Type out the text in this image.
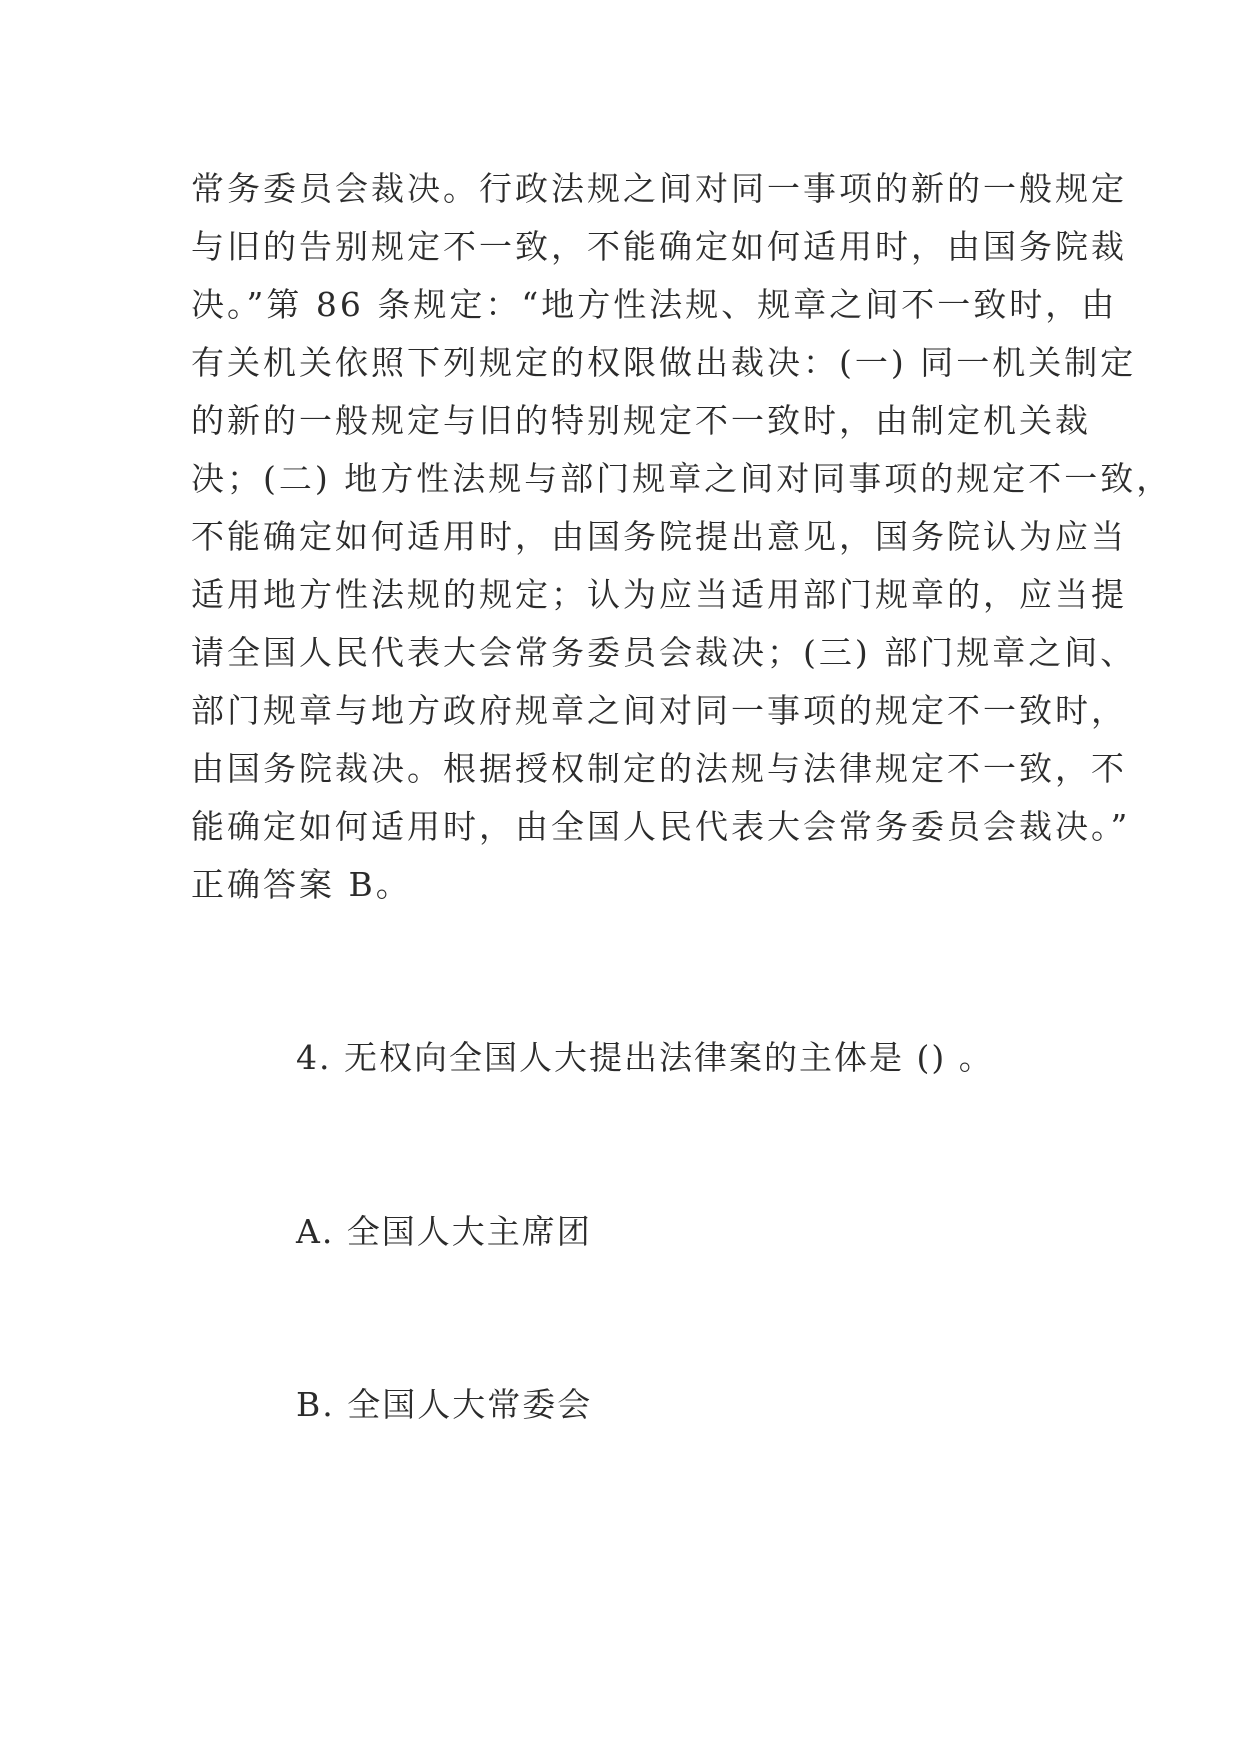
常务委员会裁决。行政法规之间对同一事项的新的一般规定
与旧的告别规定不一致，不能确定如何适用时，由国务院裁
决。”第 86 条规定：“地方性法规、规章之间不一致时，由
有关机关依照下列规定的权限做出裁决：(一) 同一机关制定
的新的一般规定与旧的特别规定不一致时，由制定机关裁
决；(二) 地方性法规与部门规章之间对同事项的规定不一致，
不能确定如何适用时，由国务院提出意见，国务院认为应当
适用地方性法规的规定；认为应当适用部门规章的，应当提
请全国人民代表大会常务委员会裁决；(三) 部门规章之间、
部门规章与地方政府规章之间对同一事项的规定不一致时，
由国务院裁决。根据授权制定的法规与法律规定不一致，不
能确定如何适用时，由全国人民代表大会常务委员会裁决。”
正确答案 B。
4. 无权向全国人大提出法律案的主体是 () 。
A. 全国人大主席团
B. 全国人大常委会
